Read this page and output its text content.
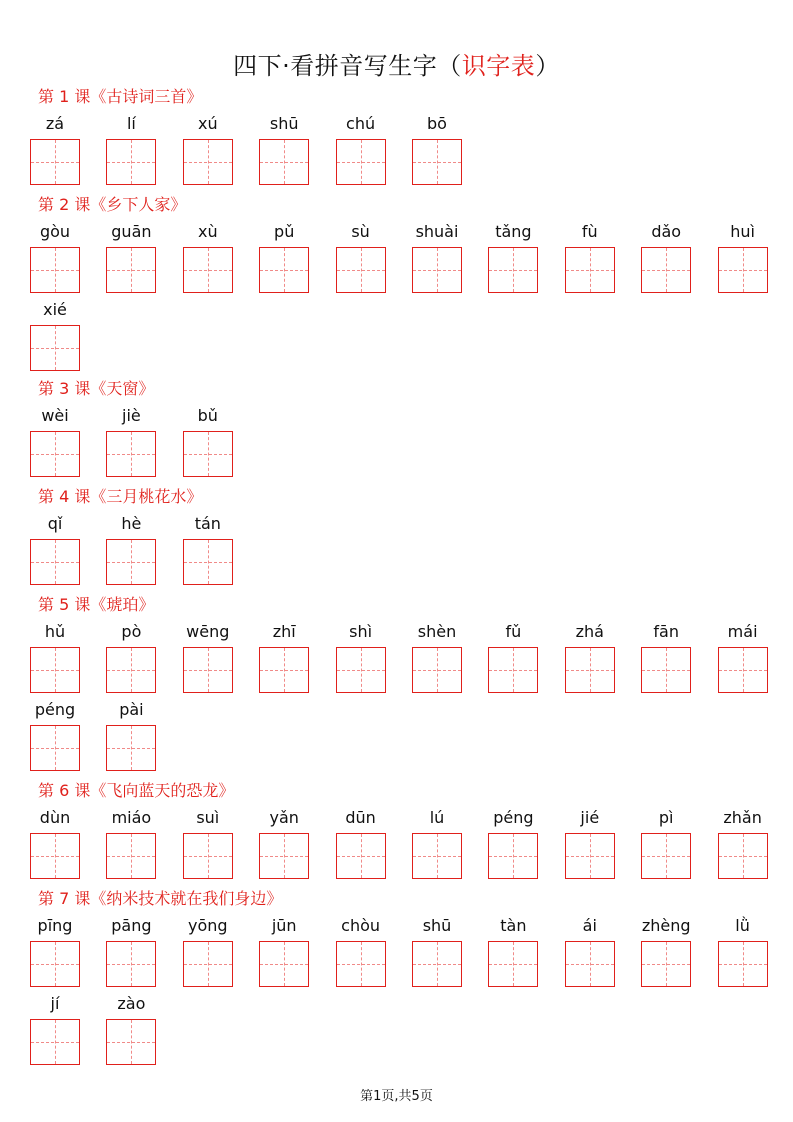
四下·看拼音写生字（识字表）
第 1 课《古诗词三首》
zá	lí	xú	shū	chú	bō
第 2 课《乡下人家》
gòu	guān	xù	pǔ	sù	shuài	tǎng	fù	dǎo	huì
xié
第 3 课《天窗》
wèi	jiè	bǔ
第 4 课《三月桃花水》
qǐ	hè	tán
第 5 课《琥珀》
hǔ	pò	wēng	zhī	shì	shèn	fǔ	zhá	fān	mái
péng	pài
第 6 课《飞向蓝天的恐龙》
dùn	miáo	suì	yǎn	dūn	lú	péng	jié	pì	zhǎn
第 7 课《纳米技术就在我们身边》
pīng	pāng	yōng	jūn	chòu	shū	tàn	ái	zhèng	lǜ
jí	zào
第1页,共5页
